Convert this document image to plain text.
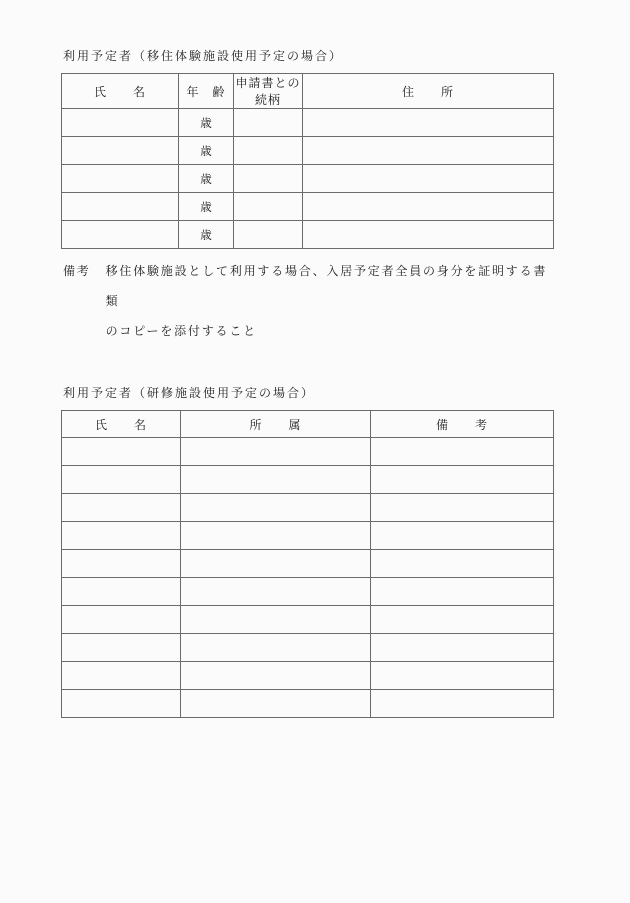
利用予定者（移住体験施設使用予定の場合）
氏　　名	年　齢	申請書との続柄	住　　所
	歳		
	歳		
	歳		
	歳		
	歳		
備考 移住体験施設として利用する場合、入居予定者全員の身分を証明する書類
のコピーを添付すること
利用予定者（研修施設使用予定の場合）
氏　　名	所　　属	備　　考
